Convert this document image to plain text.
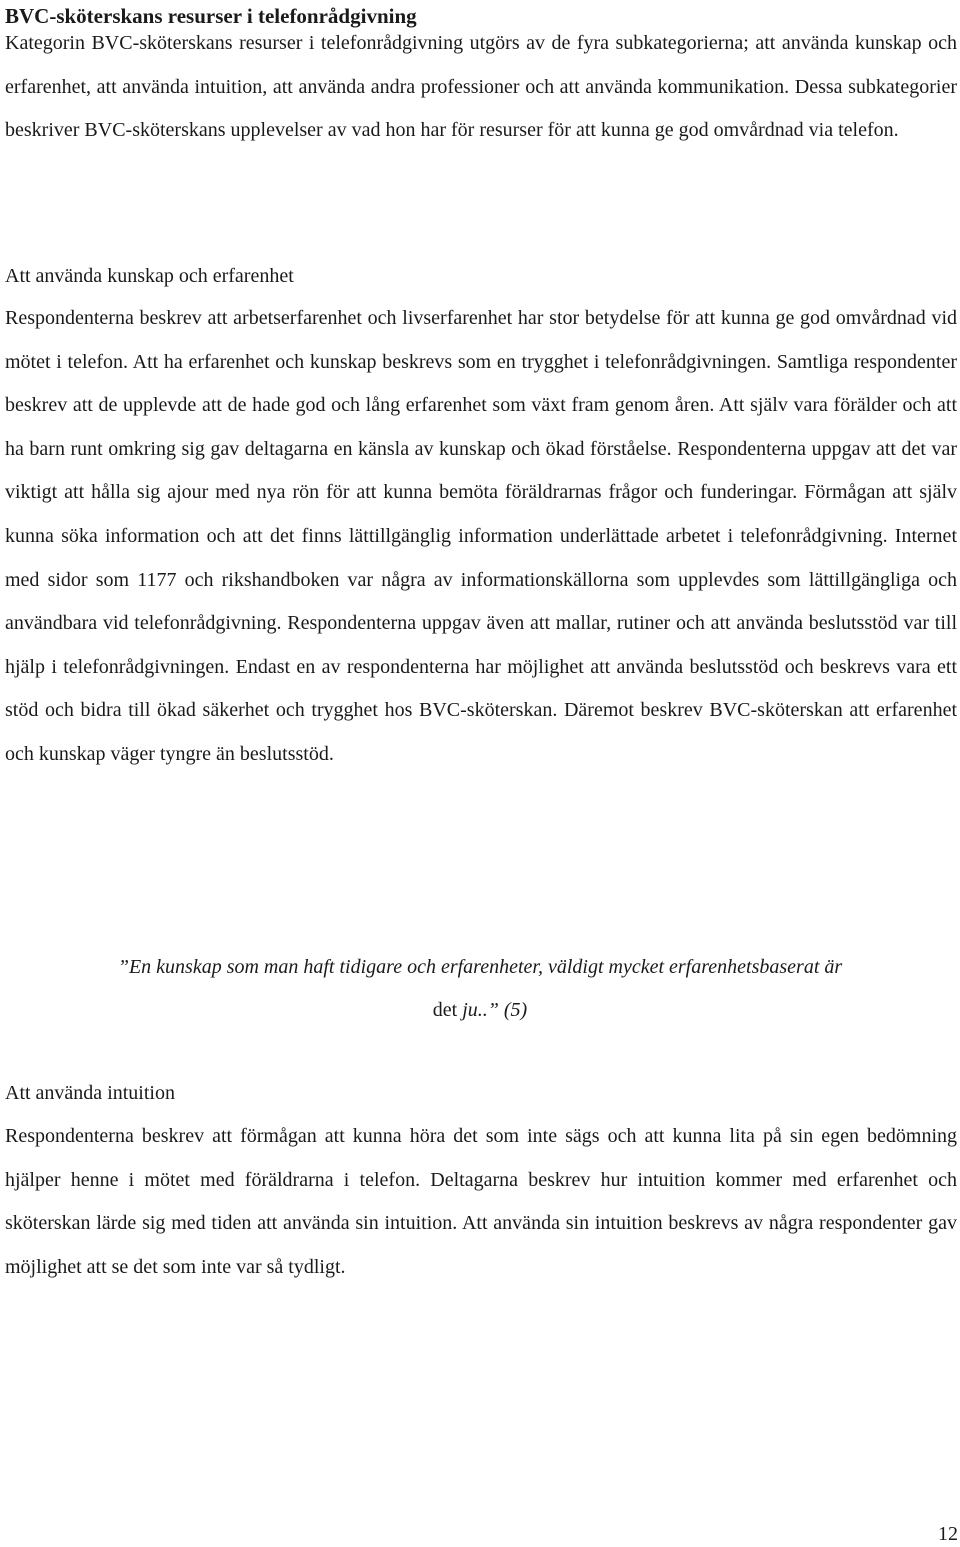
BVC-sköterskans resurser i telefonrådgivning

Kategorin BVC-sköterskans resurser i telefonrådgivning utgörs av de fyra subkategorierna; att använda kunskap och erfarenhet, att använda intuition, att använda andra professioner och att använda kommunikation. Dessa subkategorier beskriver BVC-sköterskans upplevelser av vad hon har för resurser för att kunna ge god omvårdnad via telefon.

Att använda kunskap och erfarenhet

Respondenterna beskrev att arbetserfarenhet och livserfarenhet har stor betydelse för att kunna ge god omvårdnad vid mötet i telefon. Att ha erfarenhet och kunskap beskrevs som en trygghet i telefonrådgivningen. Samtliga respondenter beskrev att de upplevde att de hade god och lång erfarenhet som växt fram genom åren. Att själv vara förälder och att ha barn runt omkring sig gav deltagarna en känsla av kunskap och ökad förståelse. Respondenterna uppgav att det var viktigt att hålla sig ajour med nya rön för att kunna bemöta föräldrarnas frågor och funderingar. Förmågan att själv kunna söka information och att det finns lättillgänglig information underlättade arbetet i telefonrådgivning. Internet med sidor som 1177 och rikshandboken var några av informationskällorna som upplevdes som lättillgängliga och användbara vid telefonrådgivning. Respondenterna uppgav även att mallar, rutiner och att använda beslutsstöd var till hjälp i telefonrådgivningen. Endast en av respondenterna har möjlighet att använda beslutsstöd och beskrevs vara ett stöd och bidra till ökad säkerhet och trygghet hos BVC-sköterskan. Däremot beskrev BVC-sköterskan att erfarenhet och kunskap väger tyngre än beslutsstöd.

”En kunskap som man haft tidigare och erfarenheter, väldigt mycket erfarenhetsbaserat är
det ju..” (5)
Att använda intuition

Respondenterna beskrev att förmågan att kunna höra det som inte sägs och att kunna lita på sin egen bedömning hjälper henne i mötet med föräldrarna i telefon. Deltagarna beskrev hur intuition kommer med erfarenhet och sköterskan lärde sig med tiden att använda sin intuition. Att använda sin intuition beskrevs av några respondenter gav möjlighet att se det som inte var så tydligt.

12
